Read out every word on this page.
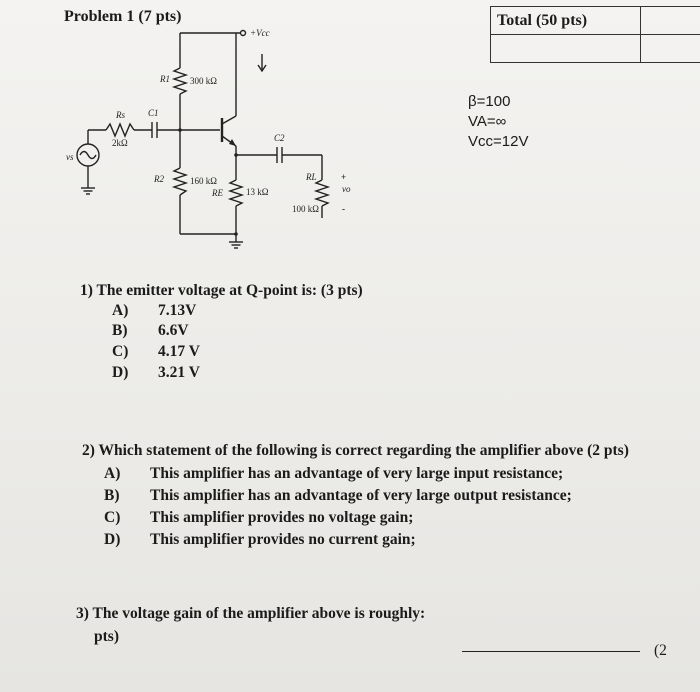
Problem 1 (7 pts)	Total (50 pts)	

+Vcc
R1 300 kΩ
Rs
2kΩ
C1
C2
R2	160 kΩ
RE	13 kΩ
RL
100 kΩ
vs
vo
+
-
β=100
VA=∞
Vcc=12V
1) The emitter voltage at Q-point is: (3 pts)
A) 7.13V
B) 6.6V
C) 4.17 V
D) 3.21 V
2) Which statement of the following is correct regarding the amplifier above (2 pts)
A) This amplifier has an advantage of very large input resistance;
B) This amplifier has an advantage of very large output resistance;
C) This amplifier provides no voltage gain;
D) This amplifier provides no current gain;
3) The voltage gain of the amplifier above is roughly:
(2
pts)
